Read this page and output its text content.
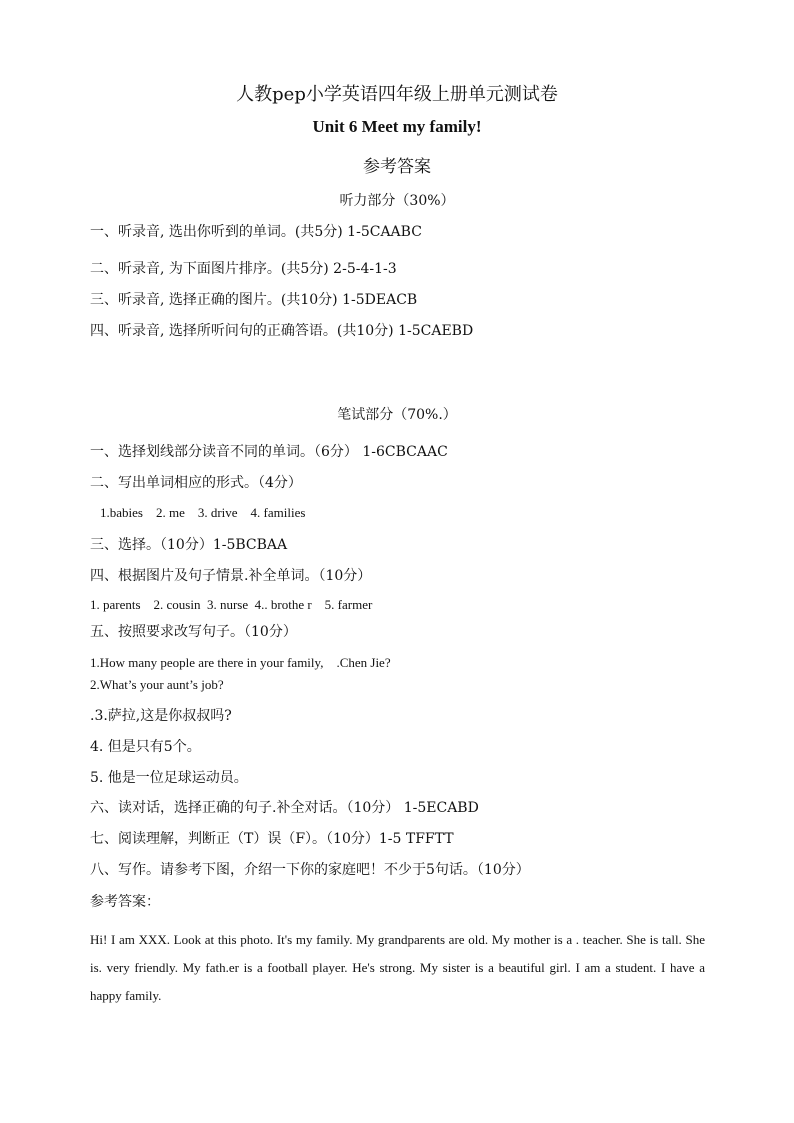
人教pep小学英语四年级上册单元测试卷
Unit 6 Meet my family!
参考答案
听力部分（30%）
一、听录音, 选出你听到的单词。(共5分) 1-5CAABC
二、听录音, 为下面图片排序。(共5分) 2-5-4-1-3
三、听录音, 选择正确的图片。(共10分) 1-5DEACB
四、听录音, 选择所听问句的正确答语。(共10分) 1-5CAEBD
笔试部分（70%.）
一、选择划线部分读音不同的单词。（6分） 1-6CBCAAC
二、写出单词相应的形式。（4分）
1.babies    2. me    3. drive    4. families
三、选择。（10分）1-5BCBAA
四、根据图片及句子情景.补全单词。（10分）
1. parents    2. cousin  3. nurse  4.. brothe r    5. farmer
五、按照要求改写句子。（10分）
1.How many people are there in your family,    .Chen Jie?
2.What’s your aunt’s job?
.3.萨拉,这是你叔叔吗?
4. 但是只有5个。
5. 他是一位足球运动员。
六、读对话，选择正确的句子.补全对话。（10分） 1-5ECABD
七、阅读理解，判断正（T）误（F）。（10分）1-5 TFFTT
八、写作。请参考下图，介绍一下你的家庭吧！不少于5句话。（10分）
参考答案：
Hi! I am XXX. Look at this photo. It's my family. My grandparents are old. My mother is a . teacher. She is tall. She is. very friendly. My fath.er is a football player. He's strong. My sister is a beautiful girl. I am a student. I have a happy family.
